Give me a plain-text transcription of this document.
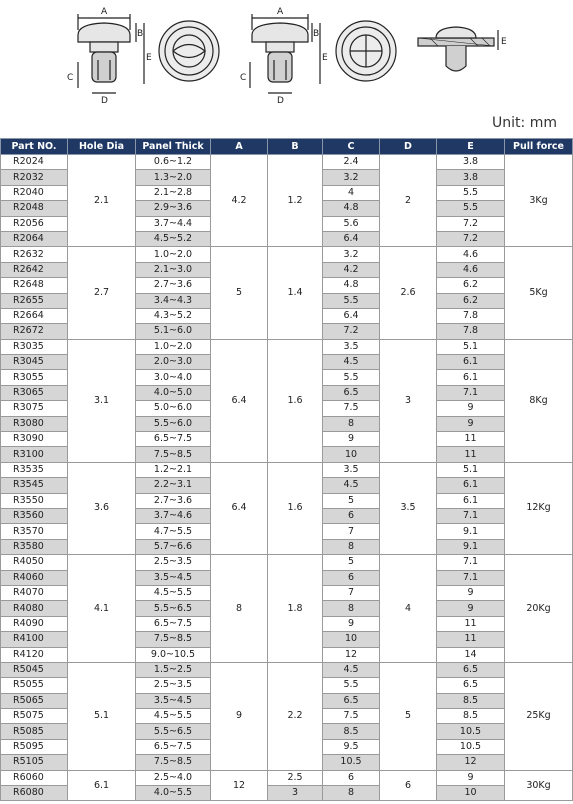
A
B
E
C
D
A
B
E
C
D
E
Unit: mm
Part NO.	Hole Dia	Panel Thick	A	B	C	D	E	Pull force
R2024	2.1	0.6~1.2	4.2	1.2	2.4	2	3.8	3Kg
R2032		1.3~2.0			3.2		3.8	
R2040		2.1~2.8			4		5.5	
R2048		2.9~3.6			4.8		5.5	
R2056		3.7~4.4			5.6		7.2	
R2064		4.5~5.2			6.4		7.2	
R2632	2.7	1.0~2.0	5	1.4	3.2	2.6	4.6	5Kg
R2642		2.1~3.0			4.2		4.6	
R2648		2.7~3.6			4.8		6.2	
R2655		3.4~4.3			5.5		6.2	
R2664		4.3~5.2			6.4		7.8	
R2672		5.1~6.0			7.2		7.8	
R3035	3.1	1.0~2.0	6.4	1.6	3.5	3	5.1	8Kg
R3045		2.0~3.0			4.5		6.1	
R3055		3.0~4.0			5.5		6.1	
R3065		4.0~5.0			6.5		7.1	
R3075		5.0~6.0			7.5		9	
R3080		5.5~6.0			8		9	
R3090		6.5~7.5			9		11	
R3100		7.5~8.5			10		11	
R3535	3.6	1.2~2.1	6.4	1.6	3.5	3.5	5.1	12Kg
R3545		2.2~3.1			4.5		6.1	
R3550		2.7~3.6			5		6.1	
R3560		3.7~4.6			6		7.1	
R3570		4.7~5.5			7		9.1	
R3580		5.7~6.6			8		9.1	
R4050	4.1	2.5~3.5	8	1.8	5	4	7.1	20Kg
R4060		3.5~4.5			6		7.1	
R4070		4.5~5.5			7		9	
R4080		5.5~6.5			8		9	
R4090		6.5~7.5			9		11	
R4100		7.5~8.5			10		11	
R4120		9.0~10.5			12		14	
R5045	5.1	1.5~2.5	9	2.2	4.5	5	6.5	25Kg
R5055		2.5~3.5			5.5		6.5	
R5065		3.5~4.5			6.5		8.5	
R5075		4.5~5.5			7.5		8.5	
R5085		5.5~6.5			8.5		10.5	
R5095		6.5~7.5			9.5		10.5	
R5105		7.5~8.5			10.5		12	
R6060	6.1	2.5~4.0	12	2.5	6	6	9	30Kg
R6080		4.0~5.5		3	8		10	
